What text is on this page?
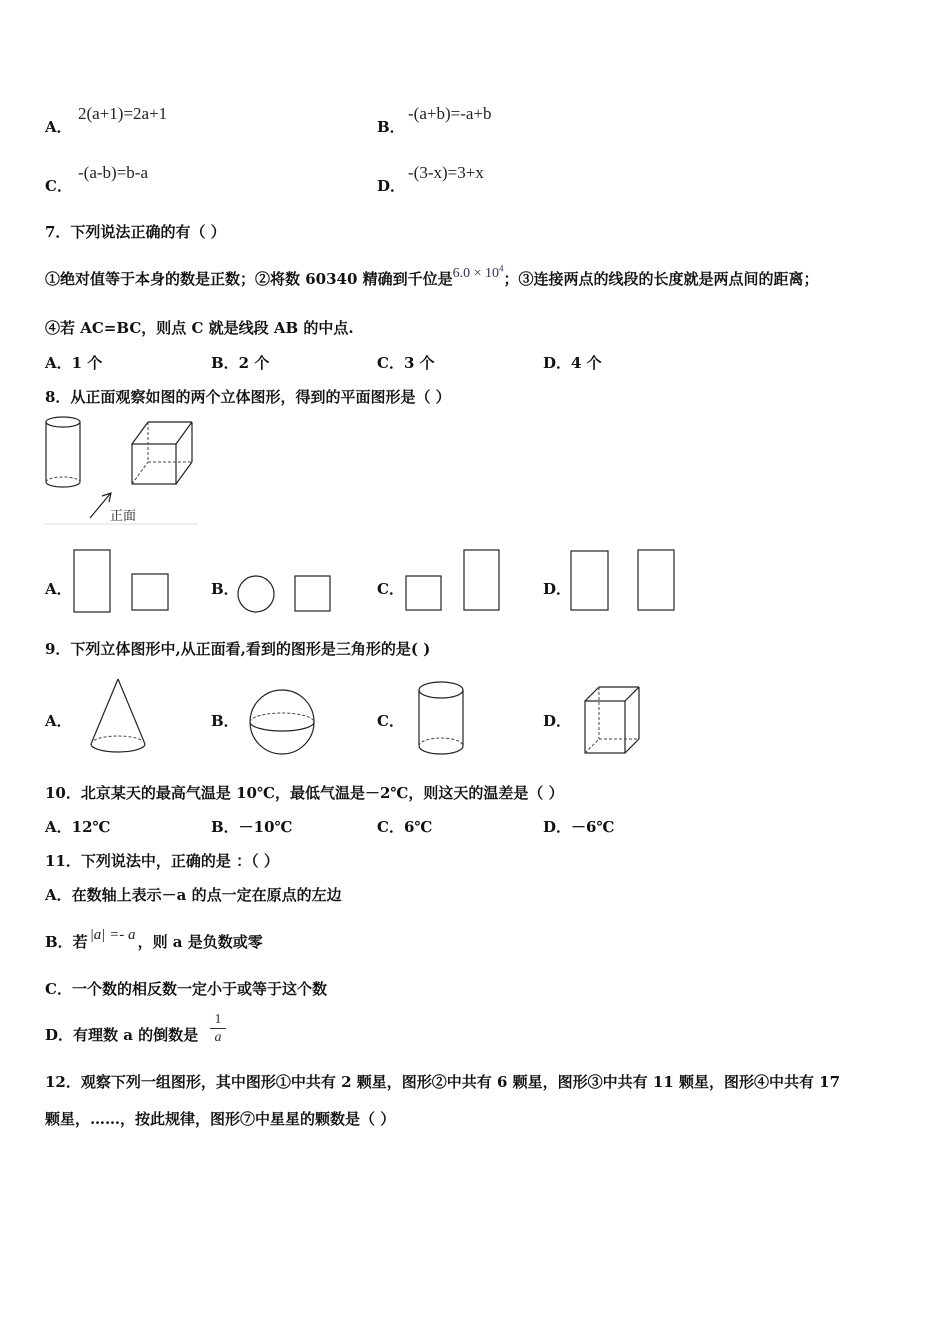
A．
2(a+1)=2a+1
B．
-(a+b)=-a+b
C．
-(a-b)=b-a
D．
-(3-x)=3+x
7．下列说法正确的有（ ）
①绝对值等于本身的数是正数；②将数 60340 精确到千位是$6.0 \times 10^4$；③连接两点的线段的长度就是两点间的距离；
④若 AC=BC，则点 C 就是线段 AB 的中点.
A．1 个	B．2 个	C．3 个	D．4 个
8．从正面观察如图的两个立体图形，得到的平面图形是（ ）
正面
A．	B．	C．	D．
9．下列立体图形中,从正面看,看到的图形是三角形的是( )
A．	B．	C．	D．
10．北京某天的最高气温是 10℃，最低气温是－2℃，则这天的温差是（ ）
A．12℃	B．－10℃	C．6℃	D．－6℃
11．下列说法中，正确的是 ：（ ）
A．在数轴上表示－a 的点一定在原点的左边
B．若 |a| =- a ，则 a 是负数或零
C．一个数的相反数一定小于或等于这个数
D．有理数 a 的倒数是 $\frac{1}{a}$
12．观察下列一组图形，其中图形①中共有 2 颗星，图形②中共有 6 颗星，图形③中共有 11 颗星，图形④中共有 17
颗星，……，按此规律，图形⑦中星星的颗数是（ ）
